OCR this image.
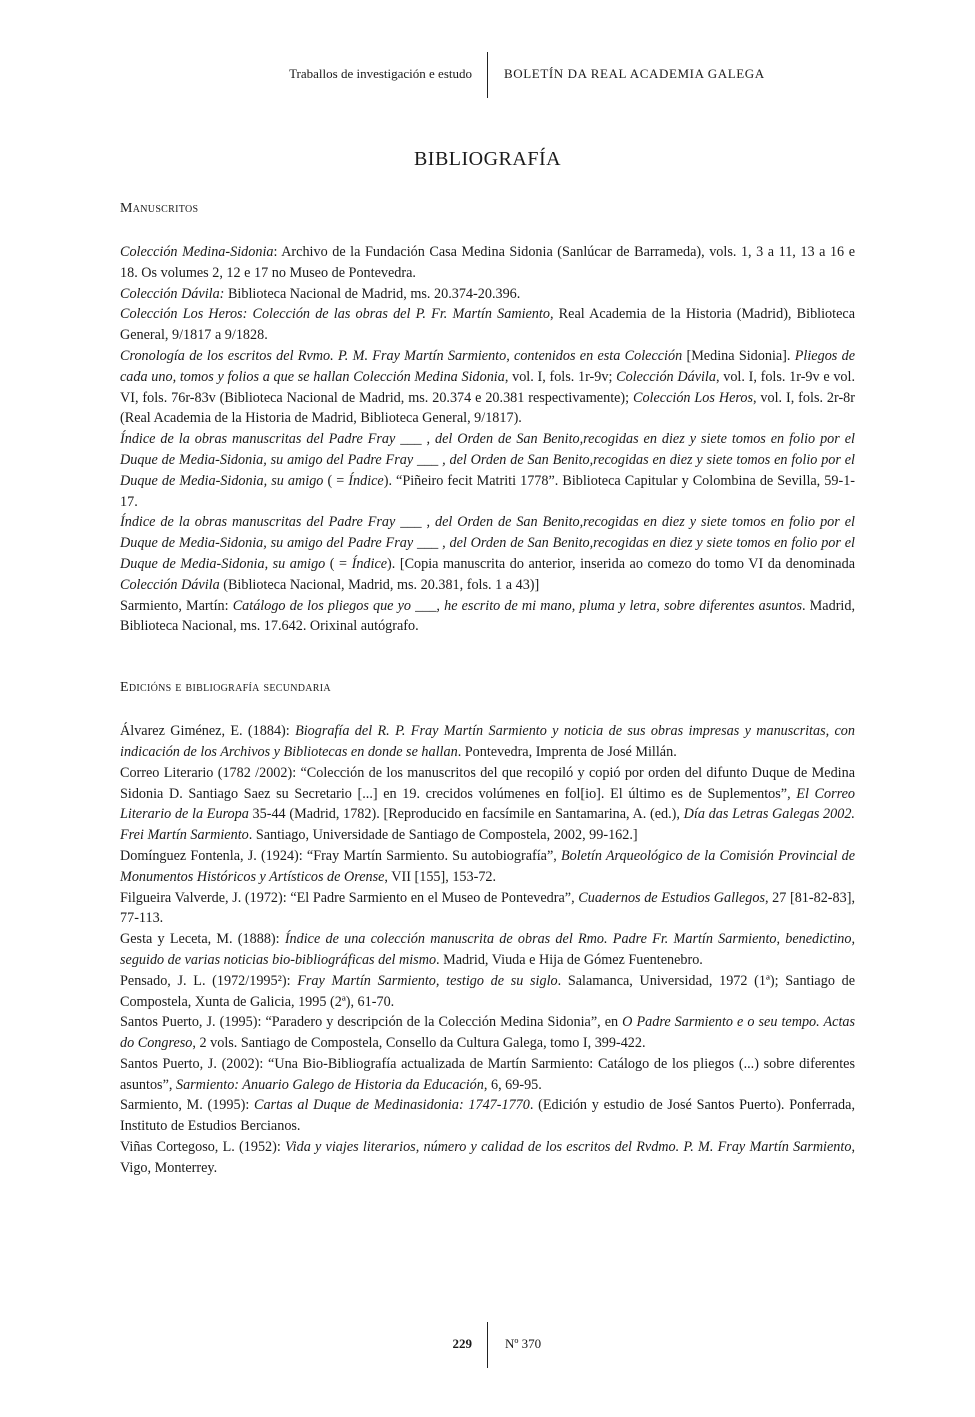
Traballos de investigación e estudo BOLETÍN DA REAL ACADEMIA GALEGA
BIBLIOGRAFÍA
Manuscritos

Colección Medina-Sidonia: Archivo de la Fundación Casa Medina Sidonia (Sanlúcar de Barrameda), vols. 1, 3 a 11, 13 a 16 e 18. Os volumes 2, 12 e 17 no Museo de Pontevedra.

Colección Dávila: Biblioteca Nacional de Madrid, ms. 20.374-20.396.

Colección Los Heros: Colección de las obras del P. Fr. Martín Samiento, Real Academia de la Historia (Madrid), Biblioteca General, 9/1817 a 9/1828.

Cronología de los escritos del Rvmo. P. M. Fray Martín Sarmiento, contenidos en esta Colección [Medina Sidonia]. Pliegos de cada uno, tomos y folios a que se hallan Colección Medina Sidonia, vol. I, fols. 1r-9v; Colección Dávila, vol. I, fols. 1r-9v e vol. VI, fols. 76r-83v (Biblioteca Nacional de Madrid, ms. 20.374 e 20.381 respectivamente); Colección Los Heros, vol. I, fols. 2r-8r (Real Academia de la Historia de Madrid, Biblioteca General, 9/1817).

Índice de la obras manuscritas del Padre Fray ___ , del Orden de San Benito,recogidas en diez y siete tomos en folio por el Duque de Media-Sidonia, su amigo del Padre Fray ___ , del Orden de San Benito,recogidas en diez y siete tomos en folio por el Duque de Media-Sidonia, su amigo ( = Índice). “Piñeiro fecit Matriti 1778”. Biblioteca Capitular y Colombina de Sevilla, 59-1-17.

Índice de la obras manuscritas del Padre Fray ___ , del Orden de San Benito,recogidas en diez y siete tomos en folio por el Duque de Media-Sidonia, su amigo del Padre Fray ___ , del Orden de San Benito,recogidas en diez y siete tomos en folio por el Duque de Media-Sidonia, su amigo ( = Índice). [Copia manuscrita do anterior, inserida ao comezo do tomo VI da denominada Colección Dávila (Biblioteca Nacional, Madrid, ms. 20.381, fols. 1 a 43)]

Sarmiento, Martín: Catálogo de los pliegos que yo ___, he escrito de mi mano, pluma y letra, sobre diferentes asuntos. Madrid, Biblioteca Nacional, ms. 17.642. Orixinal autógrafo.

Edicións e bibliografía secundaria

Álvarez Giménez, E. (1884): Biografía del R. P. Fray Martín Sarmiento y noticia de sus obras impresas y manuscritas, con indicación de los Archivos y Bibliotecas en donde se hallan. Pontevedra, Imprenta de José Millán.

Correo Literario (1782 /2002): “Colección de los manuscritos del que recopiló y copió por orden del difunto Duque de Medina Sidonia D. Santiago Saez su Secretario [...] en 19. crecidos volúmenes en fol[io]. El último es de Suplementos”, El Correo Literario de la Europa 35-44 (Madrid, 1782). [Reproducido en facsímile en Santamarina, A. (ed.), Día das Letras Galegas 2002. Frei Martín Sarmiento. Santiago, Universidade de Santiago de Compostela, 2002, 99-162.]

Domínguez Fontenla, J. (1924): “Fray Martín Sarmiento. Su autobiografía”, Boletín Arqueológico de la Comisión Provincial de Monumentos Históricos y Artísticos de Orense, VII [155], 153-72.

Filgueira Valverde, J. (1972): “El Padre Sarmiento en el Museo de Pontevedra”, Cuadernos de Estudios Gallegos, 27 [81-82-83], 77-113.

Gesta y Leceta, M. (1888): Índice de una colección manuscrita de obras del Rmo. Padre Fr. Martín Sarmiento, benedictino, seguido de varias noticias bio-bibliográficas del mismo. Madrid, Viuda e Hija de Gómez Fuentenebro.

Pensado, J. L. (1972/1995²): Fray Martín Sarmiento, testigo de su siglo. Salamanca, Universidad, 1972 (1ª); Santiago de Compostela, Xunta de Galicia, 1995 (2ª), 61-70.

Santos Puerto, J. (1995): “Paradero y descripción de la Colección Medina Sidonia”, en O Padre Sarmiento e o seu tempo. Actas do Congreso, 2 vols. Santiago de Compostela, Consello da Cultura Galega, tomo I, 399-422.

Santos Puerto, J. (2002): “Una Bio-Bibliografía actualizada de Martín Sarmiento: Catálogo de los pliegos (...) sobre diferentes asuntos”, Sarmiento: Anuario Galego de Historia da Educación, 6, 69-95.

Sarmiento, M. (1995): Cartas al Duque de Medinasidonia: 1747-1770. (Edición y estudio de José Santos Puerto). Ponferrada, Instituto de Estudios Bercianos.

Viñas Cortegoso, L. (1952): Vida y viajes literarios, número y calidad de los escritos del Rvdmo. P. M. Fray Martín Sarmiento, Vigo, Monterrey.

229	Nº 370
